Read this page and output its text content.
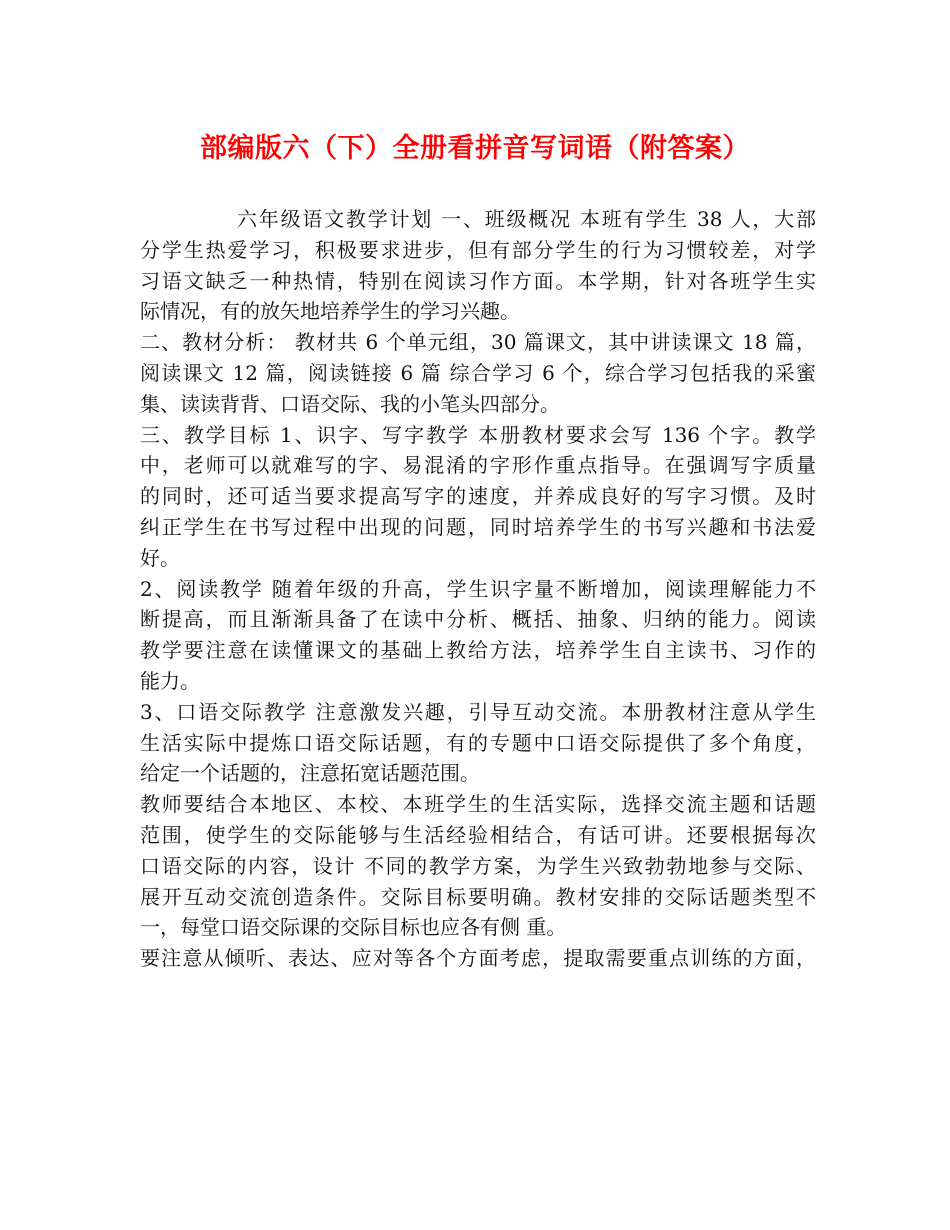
部编版六（下）全册看拼音写词语（附答案）
六年级语文教学计划 一、班级概况 本班有学生 38 人，大部
分学生热爱学习，积极要求进步，但有部分学生的行为习惯较差，对学
习语文缺乏一种热情，特别在阅读习作方面。本学期，针对各班学生实
际情况，有的放矢地培养学生的学习兴趣。
二、教材分析： 教材共 6 个单元组，30 篇课文，其中讲读课文 18 篇，
阅读课文 12 篇，阅读链接 6 篇 综合学习 6 个，综合学习包括我的采蜜
集、读读背背、口语交际、我的小笔头四部分。
三、教学目标 1、识字、写字教学 本册教材要求会写 136 个字。教学
中，老师可以就难写的字、易混淆的字形作重点指导。在强调写字质量
的同时，还可适当要求提高写字的速度，并养成良好的写字习惯。及时
纠正学生在书写过程中出现的问题，同时培养学生的书写兴趣和书法爱
好。
2、阅读教学 随着年级的升高，学生识字量不断增加，阅读理解能力不
断提高，而且渐渐具备了在读中分析、概括、抽象、归纳的能力。阅读
教学要注意在读懂课文的基础上教给方法，培养学生自主读书、习作的
能力。
3、口语交际教学 注意激发兴趣，引导互动交流。本册教材注意从学生
生活实际中提炼口语交际话题，有的专题中口语交际提供了多个角度，
给定一个话题的，注意拓宽话题范围。
教师要结合本地区、本校、本班学生的生活实际，选择交流主题和话题
范围，使学生的交际能够与生活经验相结合，有话可讲。还要根据每次
口语交际的内容，设计 不同的教学方案，为学生兴致勃勃地参与交际、
展开互动交流创造条件。交际目标要明确。教材安排的交际话题类型不
一，每堂口语交际课的交际目标也应各有侧 重。
要注意从倾听、表达、应对等各个方面考虑，提取需要重点训练的方面，
